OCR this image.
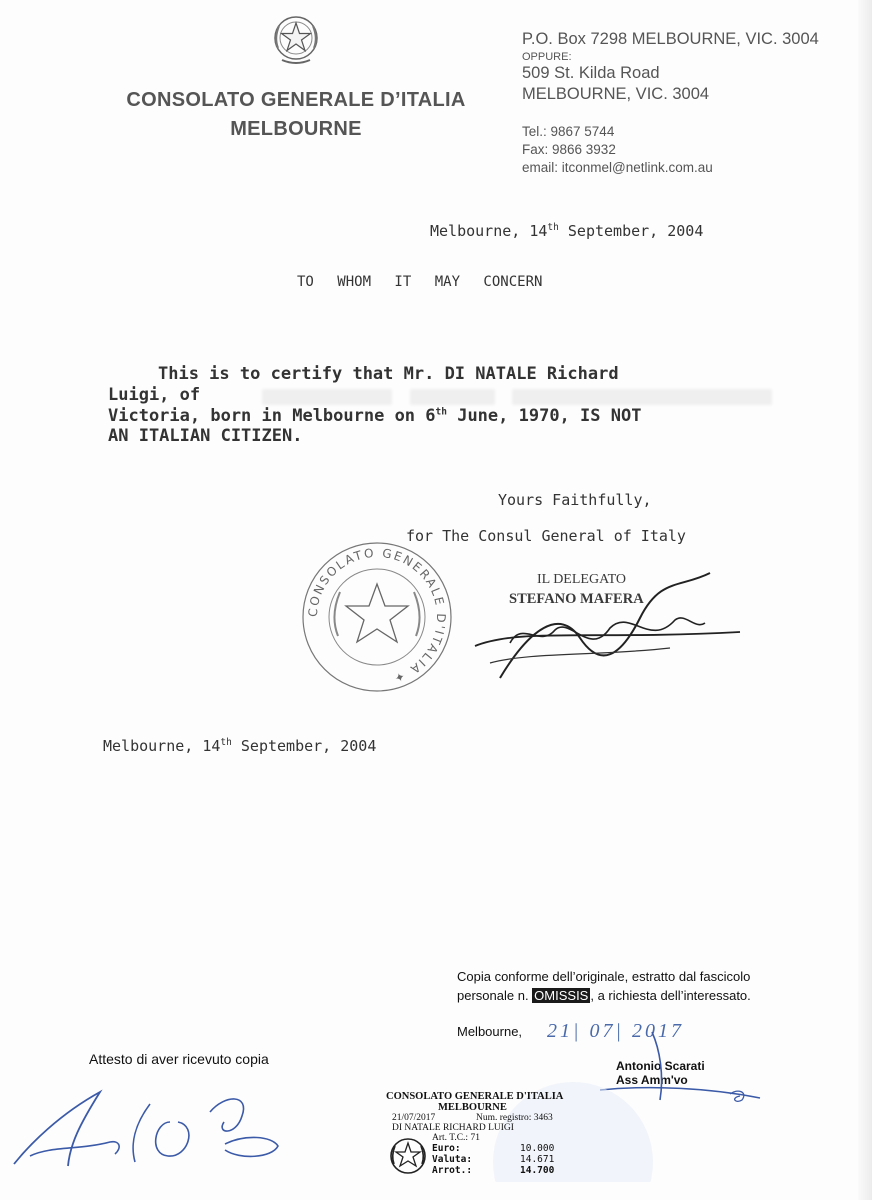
CONSOLATO GENERALE D’ITALIA
MELBOURNE
P.O. Box 7298 MELBOURNE, VIC. 3004
OPPURE:
509 St. Kilda Road
MELBOURNE, VIC. 3004
Tel.: 9867 5744
Fax: 9866 3932
email: itconmel@netlink.com.au
Melbourne, 14th September, 2004
TO WHOM IT MAY CONCERN
This is to certify that Mr. DI NATALE Richard
Luigi, of
Victoria, born in Melbourne on 6th June, 1970, IS NOT
AN ITALIAN CITIZEN.
Yours Faithfully,
for The Consul General of Italy
CONSOLATO GENERALE D'ITALIA ✦
IL DELEGATO
STEFANO MAFERA
Melbourne, 14th September, 2004
Copia conforme dell’originale, estratto dal fascicolo
personale n. OMISSIS , a richiesta dell’interessato.
Melbourne, 21| 07| 2017
Antonio Scarati
Ass Amm'vo
Attesto di aver ricevuto copia
CONSOLATO GENERALE D'ITALIA
MELBOURNE
21/07/2017	Num. registro: 3463
DI NATALE RICHARD LUIGI
Art. T.C.: 71
Euro:	10.000
Valuta:	14.671
Arrot.:	14.700
